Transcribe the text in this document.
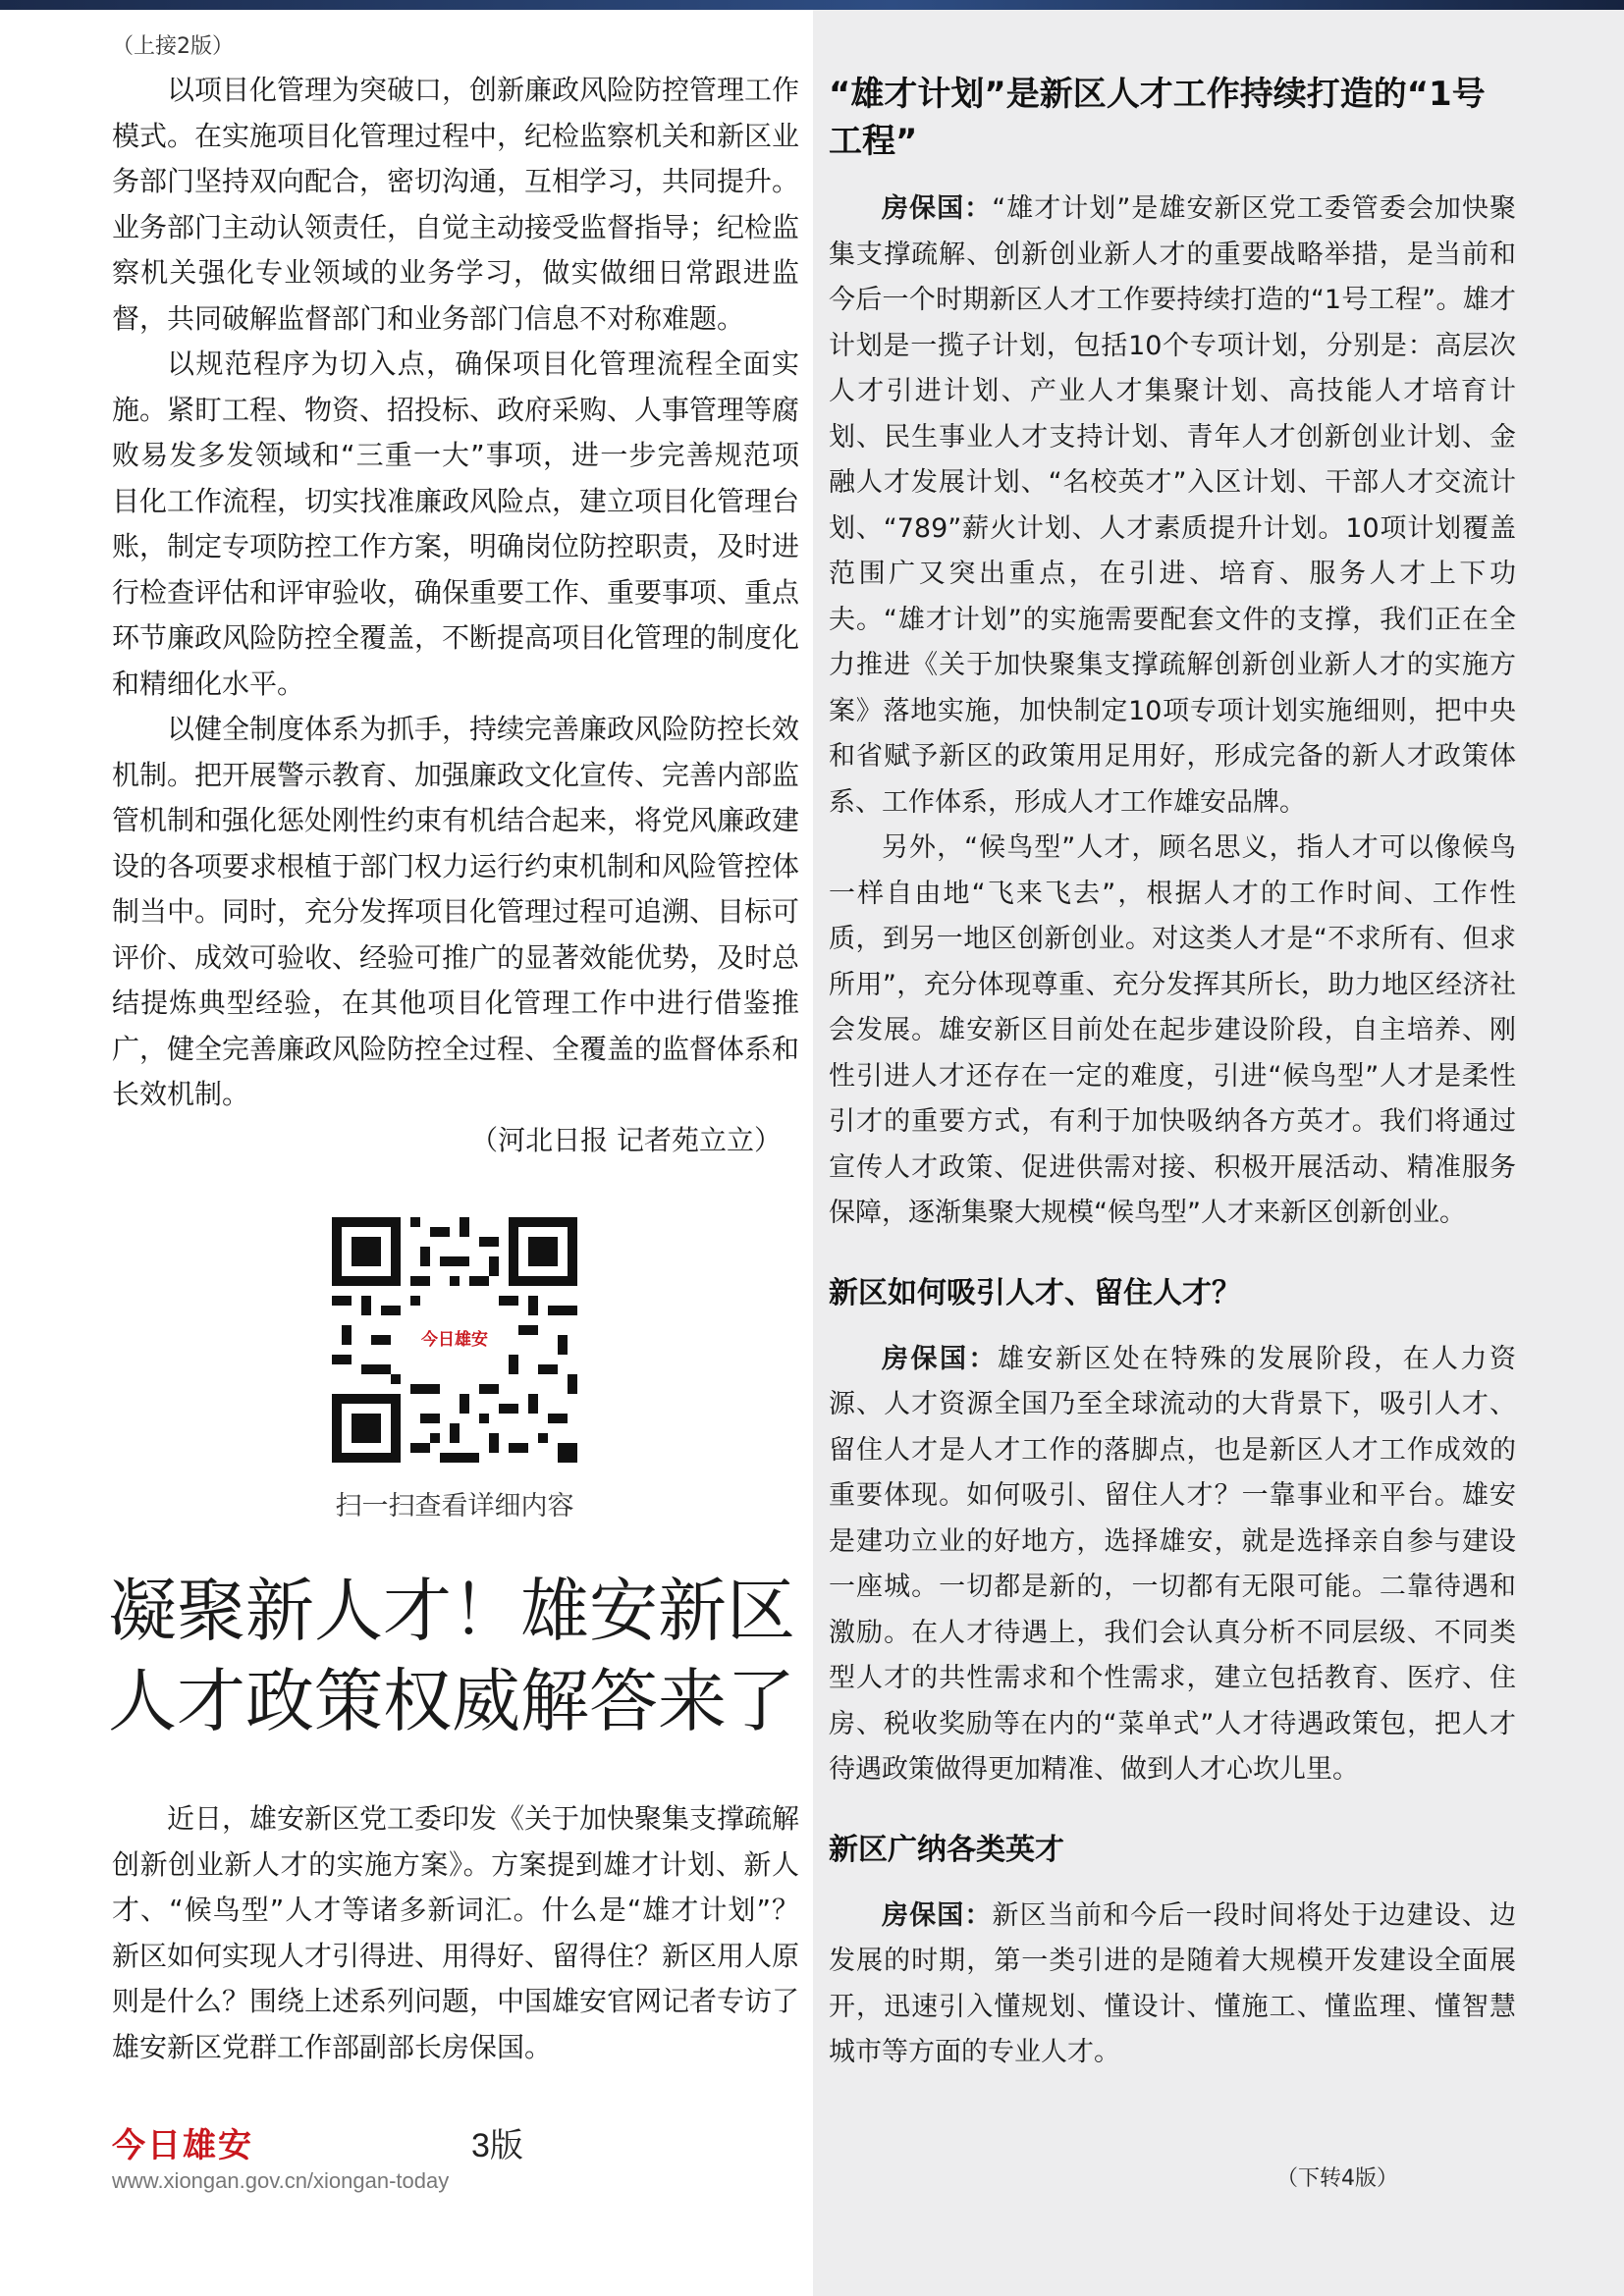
（上接2版）

以项目化管理为突破口，创新廉政风险防控管理工作模式。在实施项目化管理过程中，纪检监察机关和新区业务部门坚持双向配合，密切沟通，互相学习，共同提升。业务部门主动认领责任，自觉主动接受监督指导；纪检监察机关强化专业领域的业务学习，做实做细日常跟进监督，共同破解监督部门和业务部门信息不对称难题。

以规范程序为切入点，确保项目化管理流程全面实施。紧盯工程、物资、招投标、政府采购、人事管理等腐败易发多发领域和“三重一大”事项，进一步完善规范项目化工作流程，切实找准廉政风险点，建立项目化管理台账，制定专项防控工作方案，明确岗位防控职责，及时进行检查评估和评审验收，确保重要工作、重要事项、重点环节廉政风险防控全覆盖，不断提高项目化管理的制度化和精细化水平。

以健全制度体系为抓手，持续完善廉政风险防控长效机制。把开展警示教育、加强廉政文化宣传、完善内部监管机制和强化惩处刚性约束有机结合起来，将党风廉政建设的各项要求根植于部门权力运行约束机制和风险管控体制当中。同时，充分发挥项目化管理过程可追溯、目标可评价、成效可验收、经验可推广的显著效能优势，及时总结提炼典型经验，在其他项目化管理工作中进行借鉴推广，健全完善廉政风险防控全过程、全覆盖的监督体系和长效机制。

（河北日报 记者苑立立）

今日雄安
扫一扫查看详细内容
凝聚新人才！雄安新区
人才政策权威解答来了

近日，雄安新区党工委印发《关于加快聚集支撑疏解创新创业新人才的实施方案》。方案提到雄才计划、新人才、“候鸟型”人才等诸多新词汇。什么是“雄才计划”？新区如何实现人才引得进、用得好、留得住？新区用人原则是什么？围绕上述系列问题，中国雄安官网记者专访了雄安新区党群工作部副部长房保国。

今日雄安	3版
www.xiongan.gov.cn/xiongan-today
“雄才计划”是新区人才工作持续打造的“1号工程”

房保国：“雄才计划”是雄安新区党工委管委会加快聚集支撑疏解、创新创业新人才的重要战略举措，是当前和今后一个时期新区人才工作要持续打造的“1号工程”。雄才计划是一揽子计划，包括10个专项计划，分别是：高层次人才引进计划、产业人才集聚计划、高技能人才培育计划、民生事业人才支持计划、青年人才创新创业计划、金融人才发展计划、“名校英才”入区计划、干部人才交流计划、“789”薪火计划、人才素质提升计划。10项计划覆盖范围广又突出重点，在引进、培育、服务人才上下功夫。“雄才计划”的实施需要配套文件的支撑，我们正在全力推进《关于加快聚集支撑疏解创新创业新人才的实施方案》落地实施，加快制定10项专项计划实施细则，把中央和省赋予新区的政策用足用好，形成完备的新人才政策体系、工作体系，形成人才工作雄安品牌。

另外，“候鸟型”人才，顾名思义，指人才可以像候鸟一样自由地“飞来飞去”，根据人才的工作时间、工作性质，到另一地区创新创业。对这类人才是“不求所有、但求所用”，充分体现尊重、充分发挥其所长，助力地区经济社会发展。雄安新区目前处在起步建设阶段，自主培养、刚性引进人才还存在一定的难度，引进“候鸟型”人才是柔性引才的重要方式，有利于加快吸纳各方英才。我们将通过宣传人才政策、促进供需对接、积极开展活动、精准服务保障，逐渐集聚大规模“候鸟型”人才来新区创新创业。

新区如何吸引人才、留住人才？

房保国：雄安新区处在特殊的发展阶段，在人力资源、人才资源全国乃至全球流动的大背景下，吸引人才、留住人才是人才工作的落脚点，也是新区人才工作成效的重要体现。如何吸引、留住人才？一靠事业和平台。雄安是建功立业的好地方，选择雄安，就是选择亲自参与建设一座城。一切都是新的，一切都有无限可能。二靠待遇和激励。在人才待遇上，我们会认真分析不同层级、不同类型人才的共性需求和个性需求，建立包括教育、医疗、住房、税收奖励等在内的“菜单式”人才待遇政策包，把人才待遇政策做得更加精准、做到人才心坎儿里。

新区广纳各类英才

房保国：新区当前和今后一段时间将处于边建设、边发展的时期，第一类引进的是随着大规模开发建设全面展开，迅速引入懂规划、懂设计、懂施工、懂监理、懂智慧城市等方面的专业人才。

（下转4版）
